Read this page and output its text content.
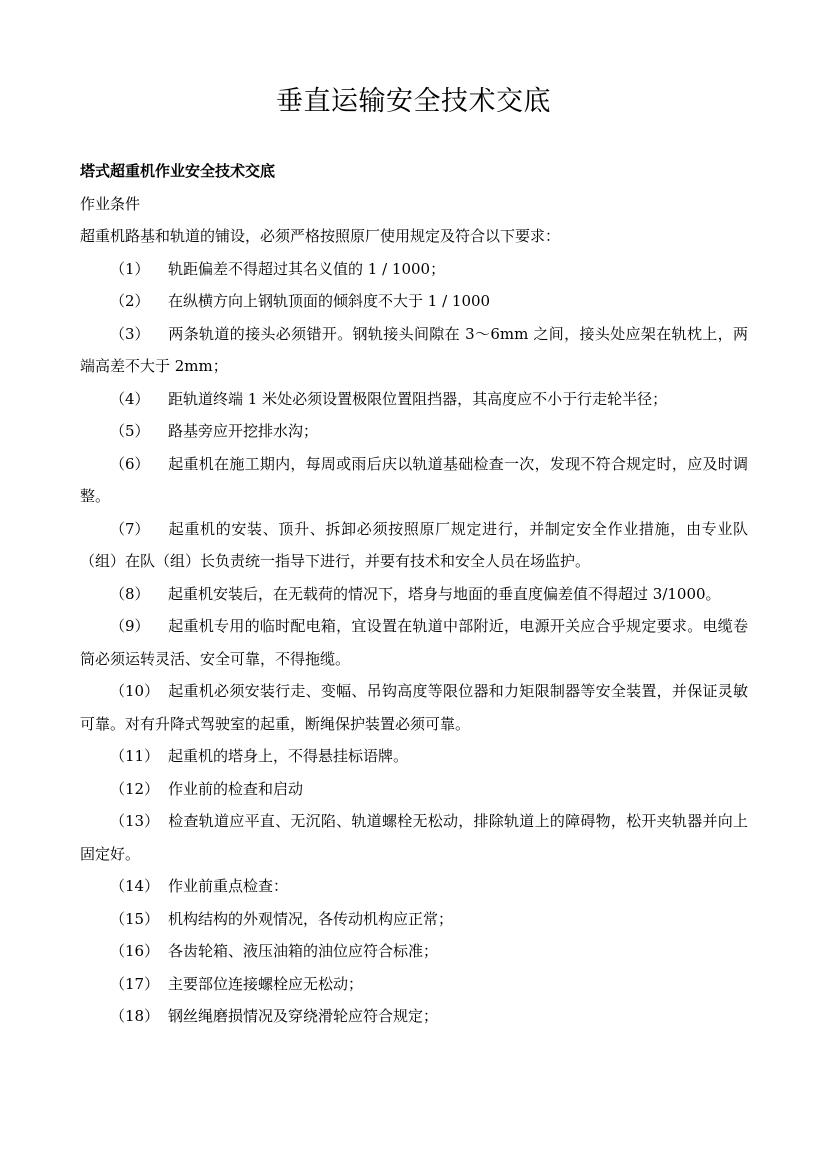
垂直运输安全技术交底

塔式超重机作业安全技术交底

作业条件

超重机路基和轨道的铺设，必须严格按照原厂使用规定及符合以下要求：

（1） 轨距偏差不得超过其名义值的 1 / 1000；
（2） 在纵横方向上钢轨顶面的倾斜度不大于 1 / 1000
（3） 两条轨道的接头必须错开。钢轨接头间隙在 3～6mm 之间，接头处应架在轨枕上，两端高差不大于 2mm；
（4） 距轨道终端 1 米处必须设置极限位置阻挡器，其高度应不小于行走轮半径；
（5） 路基旁应开挖排水沟；
（6） 起重机在施工期内，每周或雨后庆以轨道基础检查一次，发现不符合规定时，应及时调整。
（7） 起重机的安装、顶升、拆卸必须按照原厂规定进行，并制定安全作业措施，由专业队（组）在队（组）长负责统一指导下进行，并要有技术和安全人员在场监护。
（8） 起重机安装后，在无载荷的情况下，塔身与地面的垂直度偏差值不得超过 3/1000。
（9） 起重机专用的临时配电箱，宜设置在轨道中部附近，电源开关应合乎规定要求。电缆卷筒必须运转灵活、安全可靠，不得拖缆。
（10） 起重机必须安装行走、变幅、吊钩高度等限位器和力矩限制器等安全装置，并保证灵敏可靠。对有升降式驾驶室的起重，断绳保护装置必须可靠。
（11） 起重机的塔身上，不得悬挂标语牌。
（12） 作业前的检查和启动
（13） 检查轨道应平直、无沉陷、轨道螺栓无松动，排除轨道上的障碍物，松开夹轨器并向上固定好。
（14） 作业前重点检查：
（15） 机构结构的外观情况，各传动机构应正常；
（16） 各齿轮箱、液压油箱的油位应符合标准；
（17） 主要部位连接螺栓应无松动；
（18） 钢丝绳磨损情况及穿绕滑轮应符合规定；
